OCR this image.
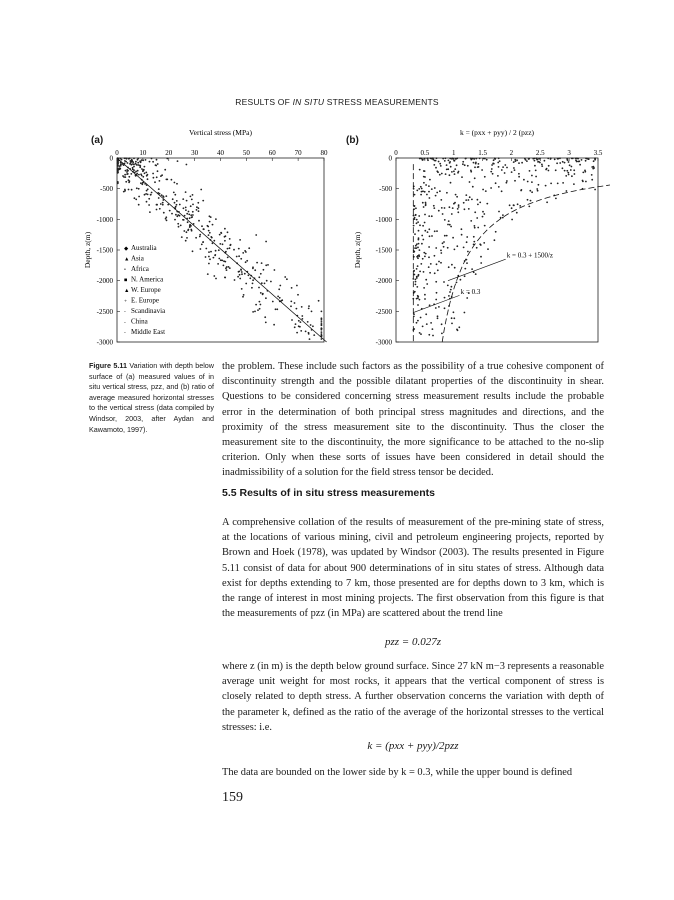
RESULTS OF IN SITU STRESS MEASUREMENTS
(a)
Vertical stress (MPa)
0	10	20	30	40	50	60	70	80
0
-500
-1000
-1500
-2000
-2500
-3000
Depth, z(m)	◆ Australia
▲ Asia
• Africa
■ N. America
▲ W. Europe
+ E. Europe
- Scandinavia
- China
- Middle East
(b)
k = (pxx + pyy) / 2 (pzz)
0	0.5	1	1.5	2	2.5	3	3.5
0
-500
-1000
-1500
-2000
-2500
-3000
Depth, z(m)	k = 0.3 + 1500/z
k = 0.3
Figure 5.11 Variation with depth below surface of (a) measured values of in situ vertical stress, pzz, and (b) ratio of average measured horizontal stresses to the vertical stress (data compiled by Windsor, 2003, after Aydan and Kawamoto, 1997).
the problem. These include such factors as the possibility of a true cohesive component of discontinuity strength and the possible dilatant properties of the discontinuity in shear. Questions to be considered concerning stress measurement results include the probable error in the determination of both principal stress magnitudes and directions, and the proximity of the stress measurement site to the discontinuity. Thus the closer the measurement site to the discontinuity, the more significance to be attached to the no-slip criterion. Only when these sorts of issues have been considered in detail should the inadmissibility of a solution for the field stress tensor be decided.
5.5 Results of in situ stress measurements
A comprehensive collation of the results of measurement of the pre-mining state of stress, at the locations of various mining, civil and petroleum engineering projects, reported by Brown and Hoek (1978), was updated by Windsor (2003). The results presented in Figure 5.11 consist of data for about 900 determinations of in situ states of stress. Although data exist for depths extending to 7 km, those presented are for depths down to 3 km, which is the range of interest in most mining projects. The first observation from this figure is that the measurements of pzz (in MPa) are scattered about the trend line
pzz = 0.027z
where z (in m) is the depth below ground surface. Since 27 kN m−3 represents a reasonable average unit weight for most rocks, it appears that the vertical component of stress is closely related to depth stress. A further observation concerns the variation with depth of the parameter k, defined as the ratio of the average of the horizontal stresses to the vertical stresses: i.e.
k = (pxx + pyy)/2pzz
The data are bounded on the lower side by k = 0.3, while the upper bound is defined
159
